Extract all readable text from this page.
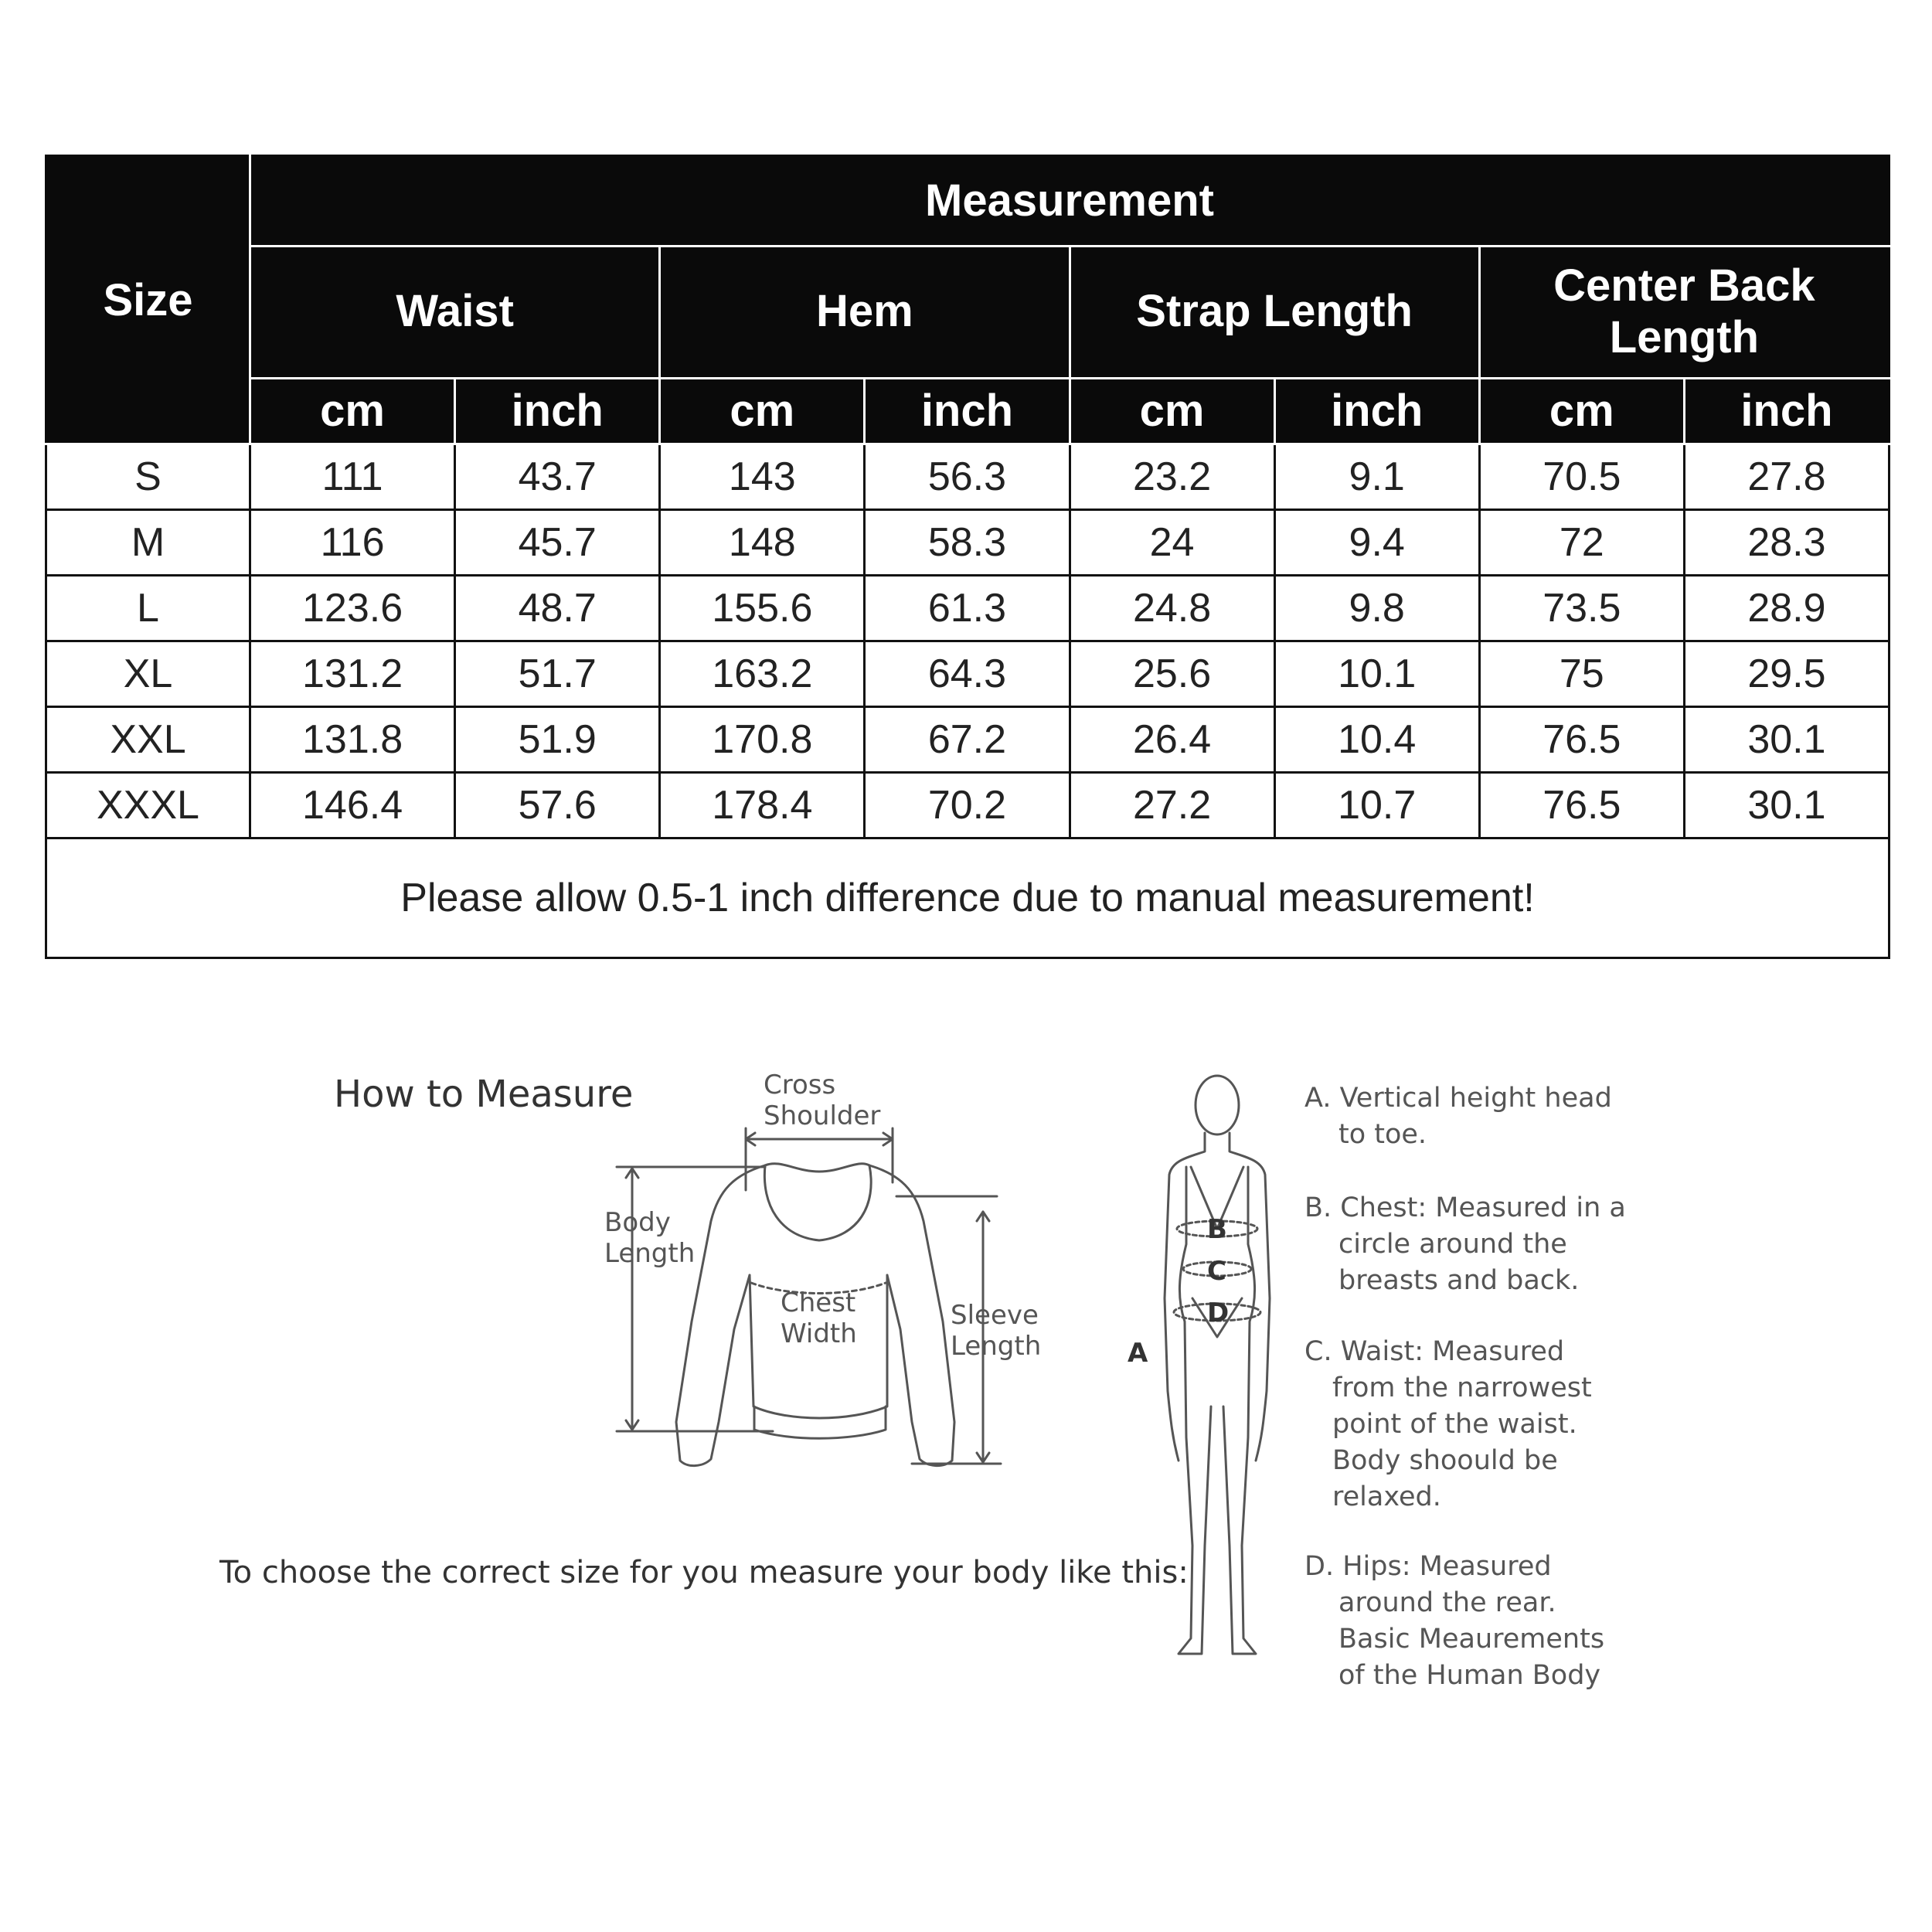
Size	Measurement							
	Waist		Hem		Strap Length		Center Back Length	
	cm	inch	cm	inch	cm	inch	cm	inch
S	111	43.7	143	56.3	23.2	9.1	70.5	27.8
M	116	45.7	148	58.3	24	9.4	72	28.3
L	123.6	48.7	155.6	61.3	24.8	9.8	73.5	28.9
XL	131.2	51.7	163.2	64.3	25.6	10.1	75	29.5
XXL	131.8	51.9	170.8	67.2	26.4	10.4	76.5	30.1
XXXL	146.4	57.6	178.4	70.2	27.2	10.7	76.5	30.1
Please allow 0.5-1 inch difference due to manual measurement!								
How to Measure
To choose the correct size for you measure your body like this:
Cross
Shoulder
Body
Length
Chest
Width
Sleeve
Length
B
C
D
A
A. Vertical height head
to toe.
B. Chest: Measured in a
circle around the
breasts and back.
C. Waist: Measured
from the narrowest
point of the waist.
Body shoould be
relaxed.
D. Hips: Measured
around the rear.
Basic Meaurements
of the Human Body
